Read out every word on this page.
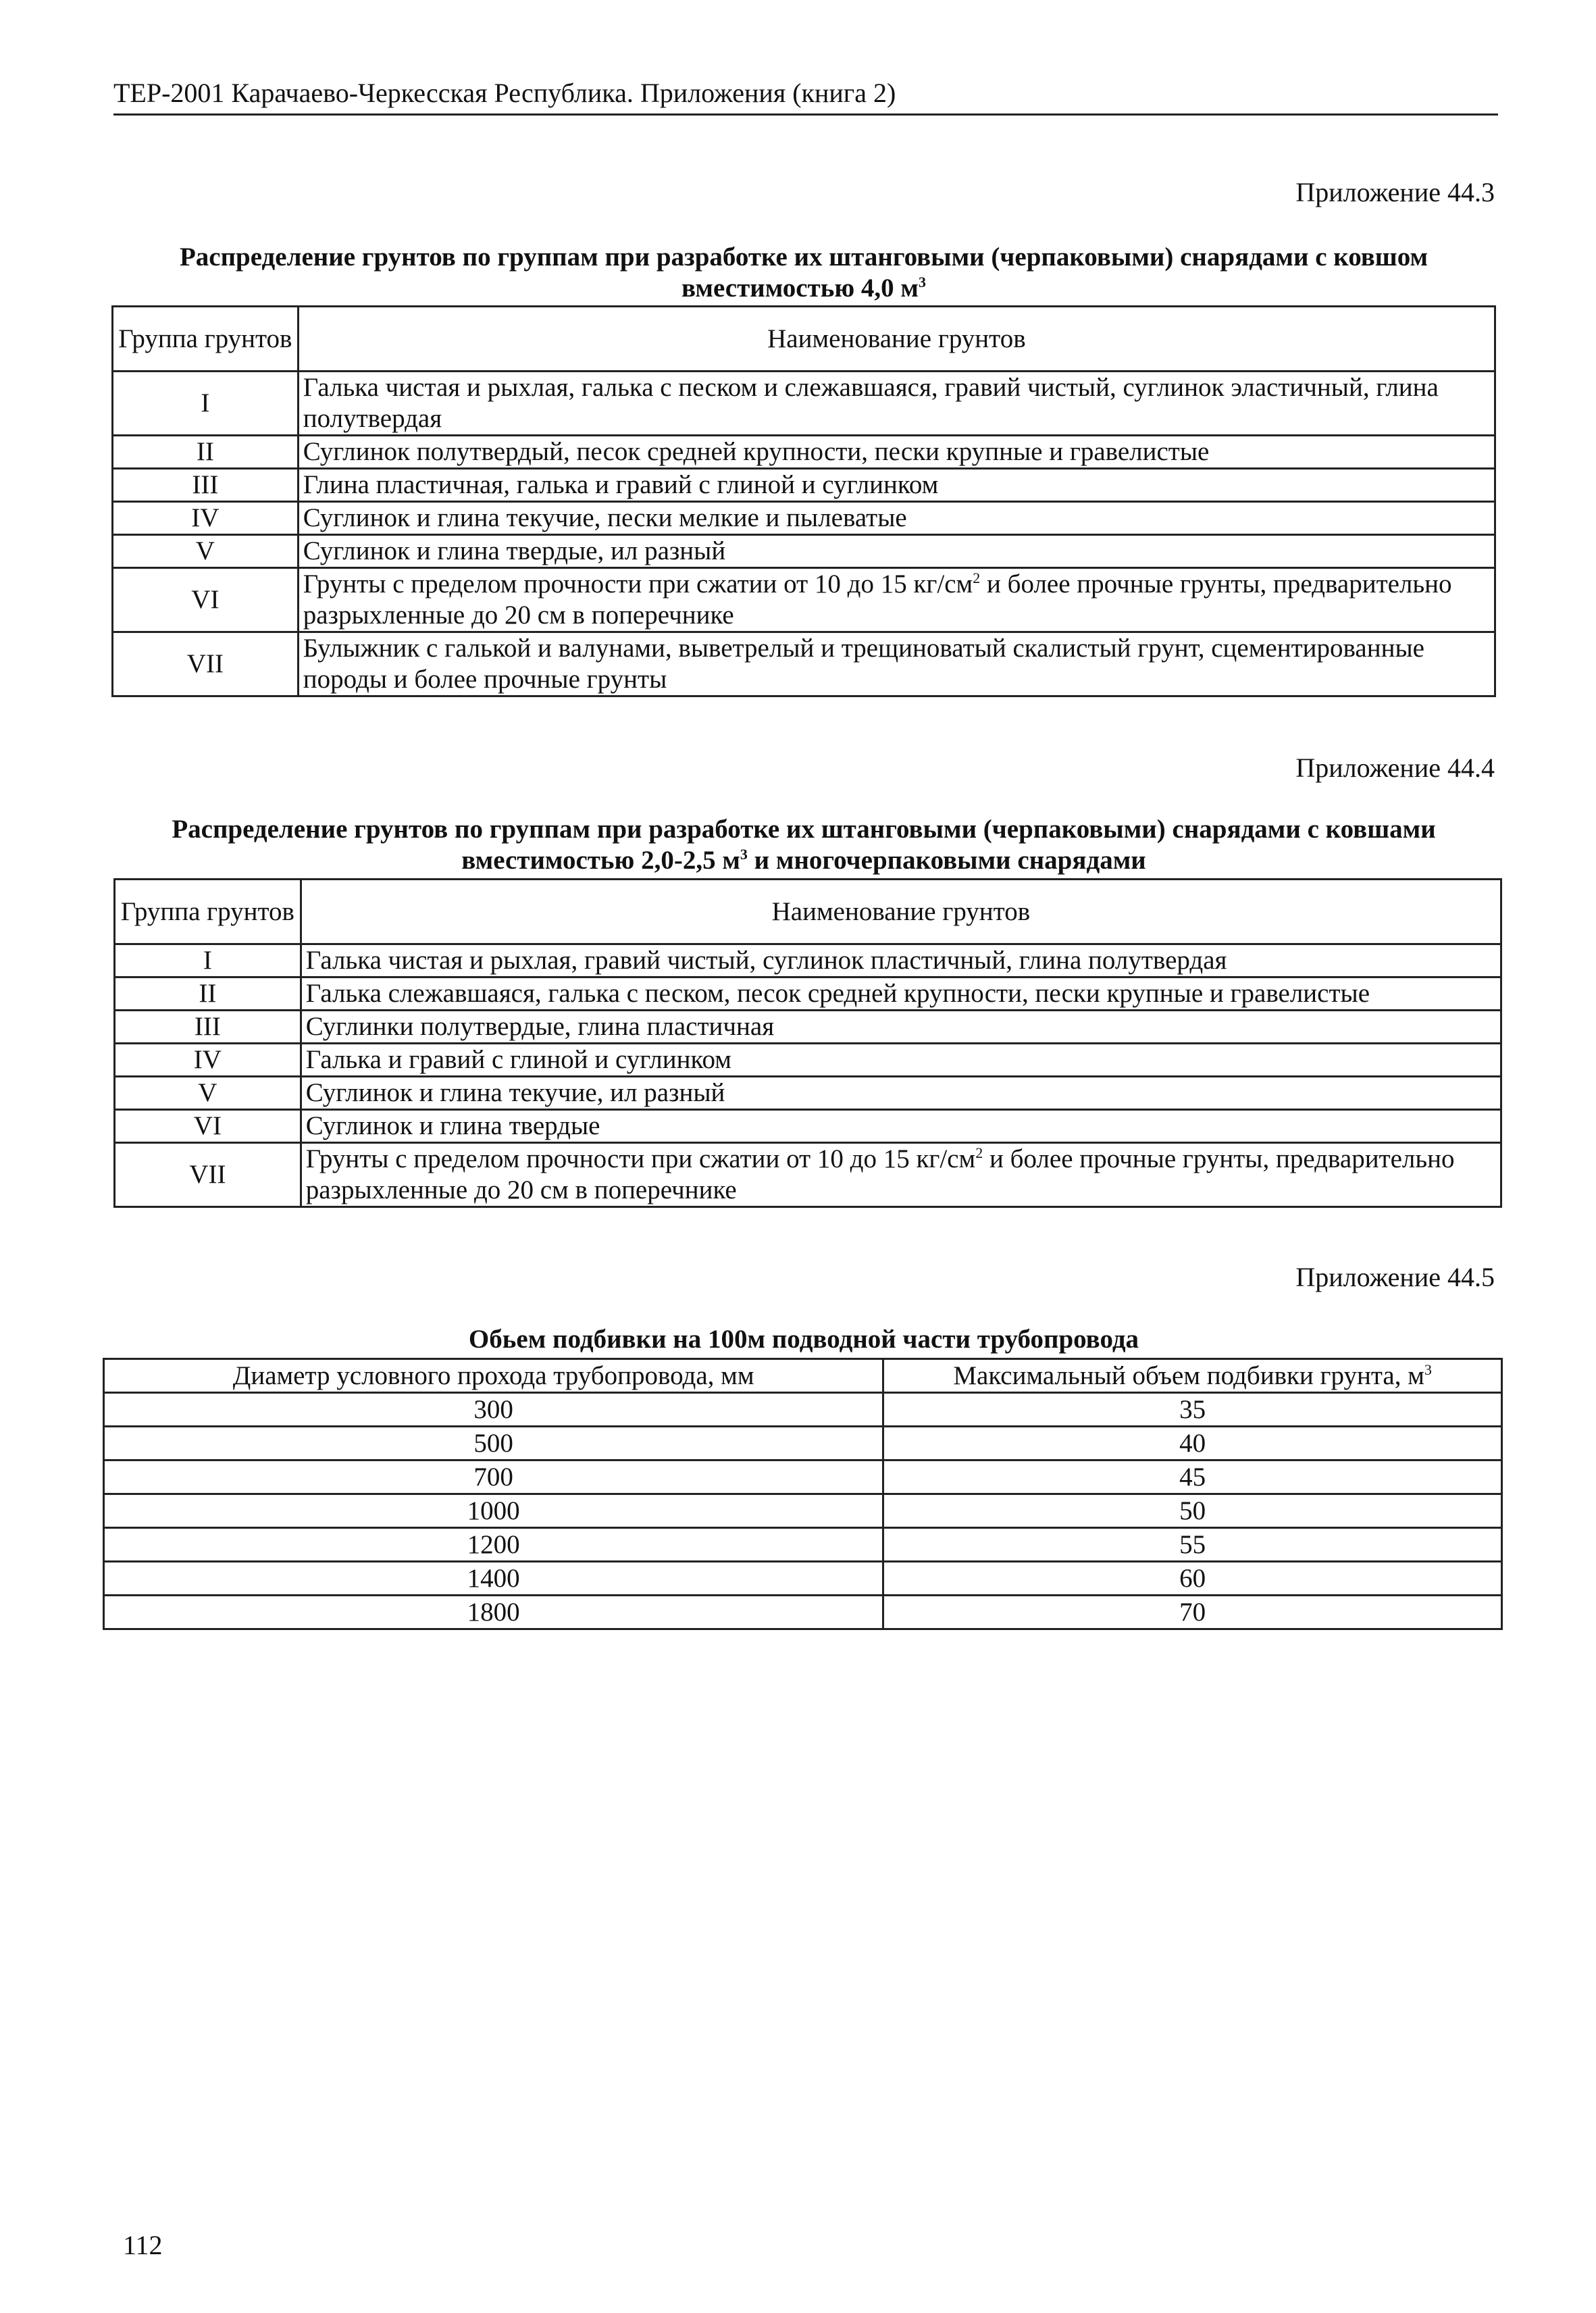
ТЕР-2001 Карачаево-Черкесская Республика. Приложения (книга 2)
Приложение 44.3
Распределение грунтов по группам при разработке их штанговыми (черпаковыми) снарядами с ковшом вместимостью 4,0 $м^3$
Группа грунтов	Наименование грунтов
I	Галька чистая и рыхлая, галька с песком и слежавшаяся, гравий чистый, суглинок эластичный, глина полутвердая
II	Суглинок полутвердый, песок средней крупности, пески крупные и гравелистые
III	Глина пластичная, галька и гравий с глиной и суглинком
IV	Суглинок и глина текучие, пески мелкие и пылеватые
V	Суглинок и глина твердые, ил разный
VI	Грунты с пределом прочности при сжатии от 10 до 15 $кг/см^2$ и более прочные грунты, предварительно разрыхленные до 20 см в поперечнике
VII	Булыжник с галькой и валунами, выветрелый и трещиноватый скалистый грунт, сцементированные породы и более прочные грунты
Приложение 44.4
Распределение грунтов по группам при разработке их штанговыми (черпаковыми) снарядами с ковшами вместимостью 2,0-2,5 $м^3$ и многочерпаковыми снарядами
Группа грунтов	Наименование грунтов
I	Галька чистая и рыхлая, гравий чистый, суглинок пластичный, глина полутвердая
II	Галька слежавшаяся, галька с песком, песок средней крупности, пески крупные и гравелистые
III	Суглинки полутвердые, глина пластичная
IV	Галька и гравий с глиной и суглинком
V	Суглинок и глина текучие, ил разный
VI	Суглинок и глина твердые
VII	Грунты с пределом прочности при сжатии от 10 до 15 $кг/см^2$ и более прочные грунты, предварительно разрыхленные до 20 см в поперечнике
Приложение 44.5
Обьем подбивки на 100м подводной части трубопровода
Диаметр условного прохода трубопровода, мм	Максимальный объем подбивки грунта, $м^3$
300	35
500	40
700	45
1000	50
1200	55
1400	60
1800	70
112
